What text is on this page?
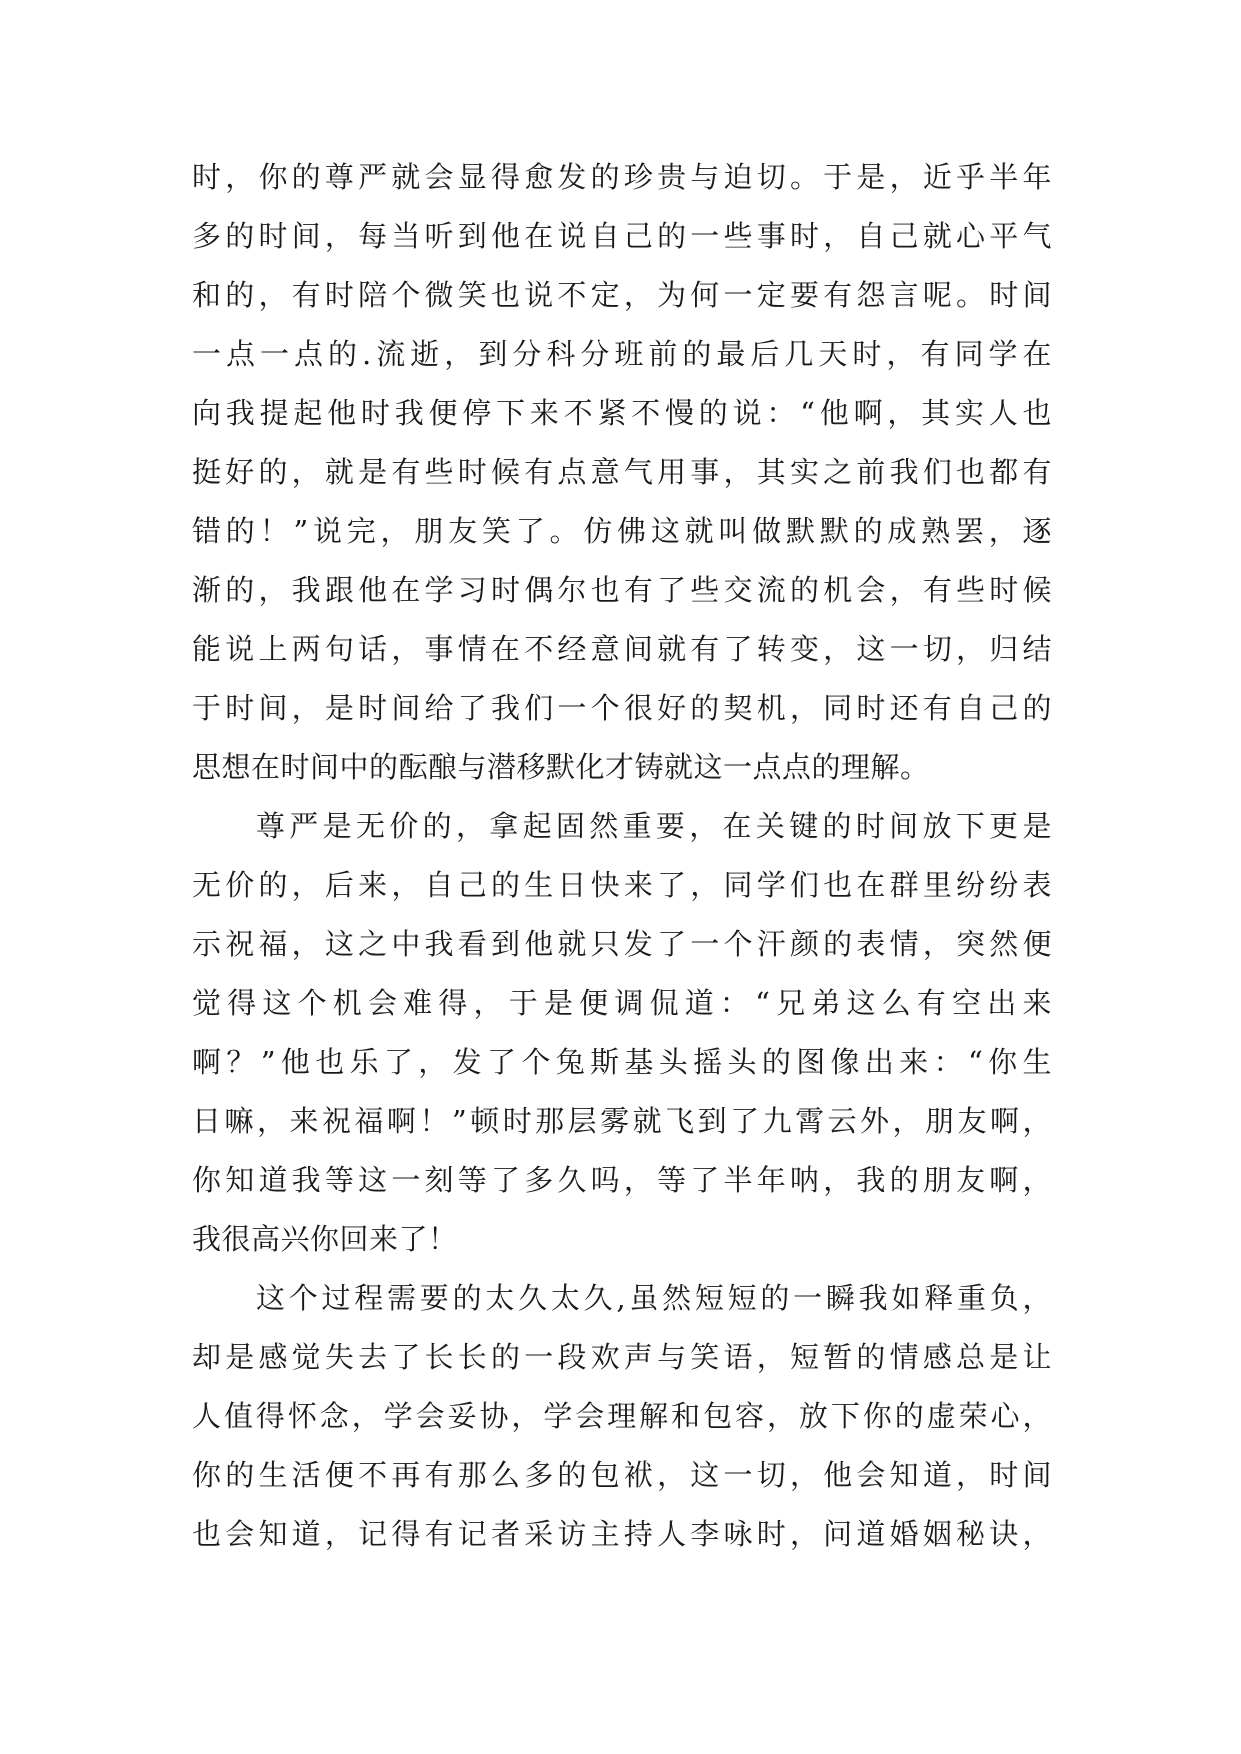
时，你的尊严就会显得愈发的珍贵与迫切。于是，近乎半年
多的时间，每当听到他在说自己的一些事时，自己就心平气
和的，有时陪个微笑也说不定，为何一定要有怨言呢。时间
一点一点的.流逝，到分科分班前的最后几天时，有同学在
向我提起他时我便停下来不紧不慢的说：“他啊，其实人也
挺好的，就是有些时候有点意气用事，其实之前我们也都有
错的！”说完，朋友笑了。仿佛这就叫做默默的成熟罢，逐
渐的，我跟他在学习时偶尔也有了些交流的机会，有些时候
能说上两句话，事情在不经意间就有了转变，这一切，归结
于时间，是时间给了我们一个很好的契机，同时还有自己的
思想在时间中的酝酿与潜移默化才铸就这一点点的理解。
尊严是无价的，拿起固然重要，在关键的时间放下更是
无价的，后来，自己的生日快来了，同学们也在群里纷纷表
示祝福，这之中我看到他就只发了一个汗颜的表情，突然便
觉得这个机会难得，于是便调侃道：“兄弟这么有空出来
啊？”他也乐了，发了个兔斯基头摇头的图像出来：“你生
日嘛，来祝福啊！”顿时那层雾就飞到了九霄云外，朋友啊，
你知道我等这一刻等了多久吗，等了半年呐，我的朋友啊，
我很高兴你回来了！
这个过程需要的太久太久,虽然短短的一瞬我如释重负，
却是感觉失去了长长的一段欢声与笑语，短暂的情感总是让
人值得怀念，学会妥协，学会理解和包容，放下你的虚荣心，
你的生活便不再有那么多的包袱，这一切，他会知道，时间
也会知道，记得有记者采访主持人李咏时，问道婚姻秘诀，
